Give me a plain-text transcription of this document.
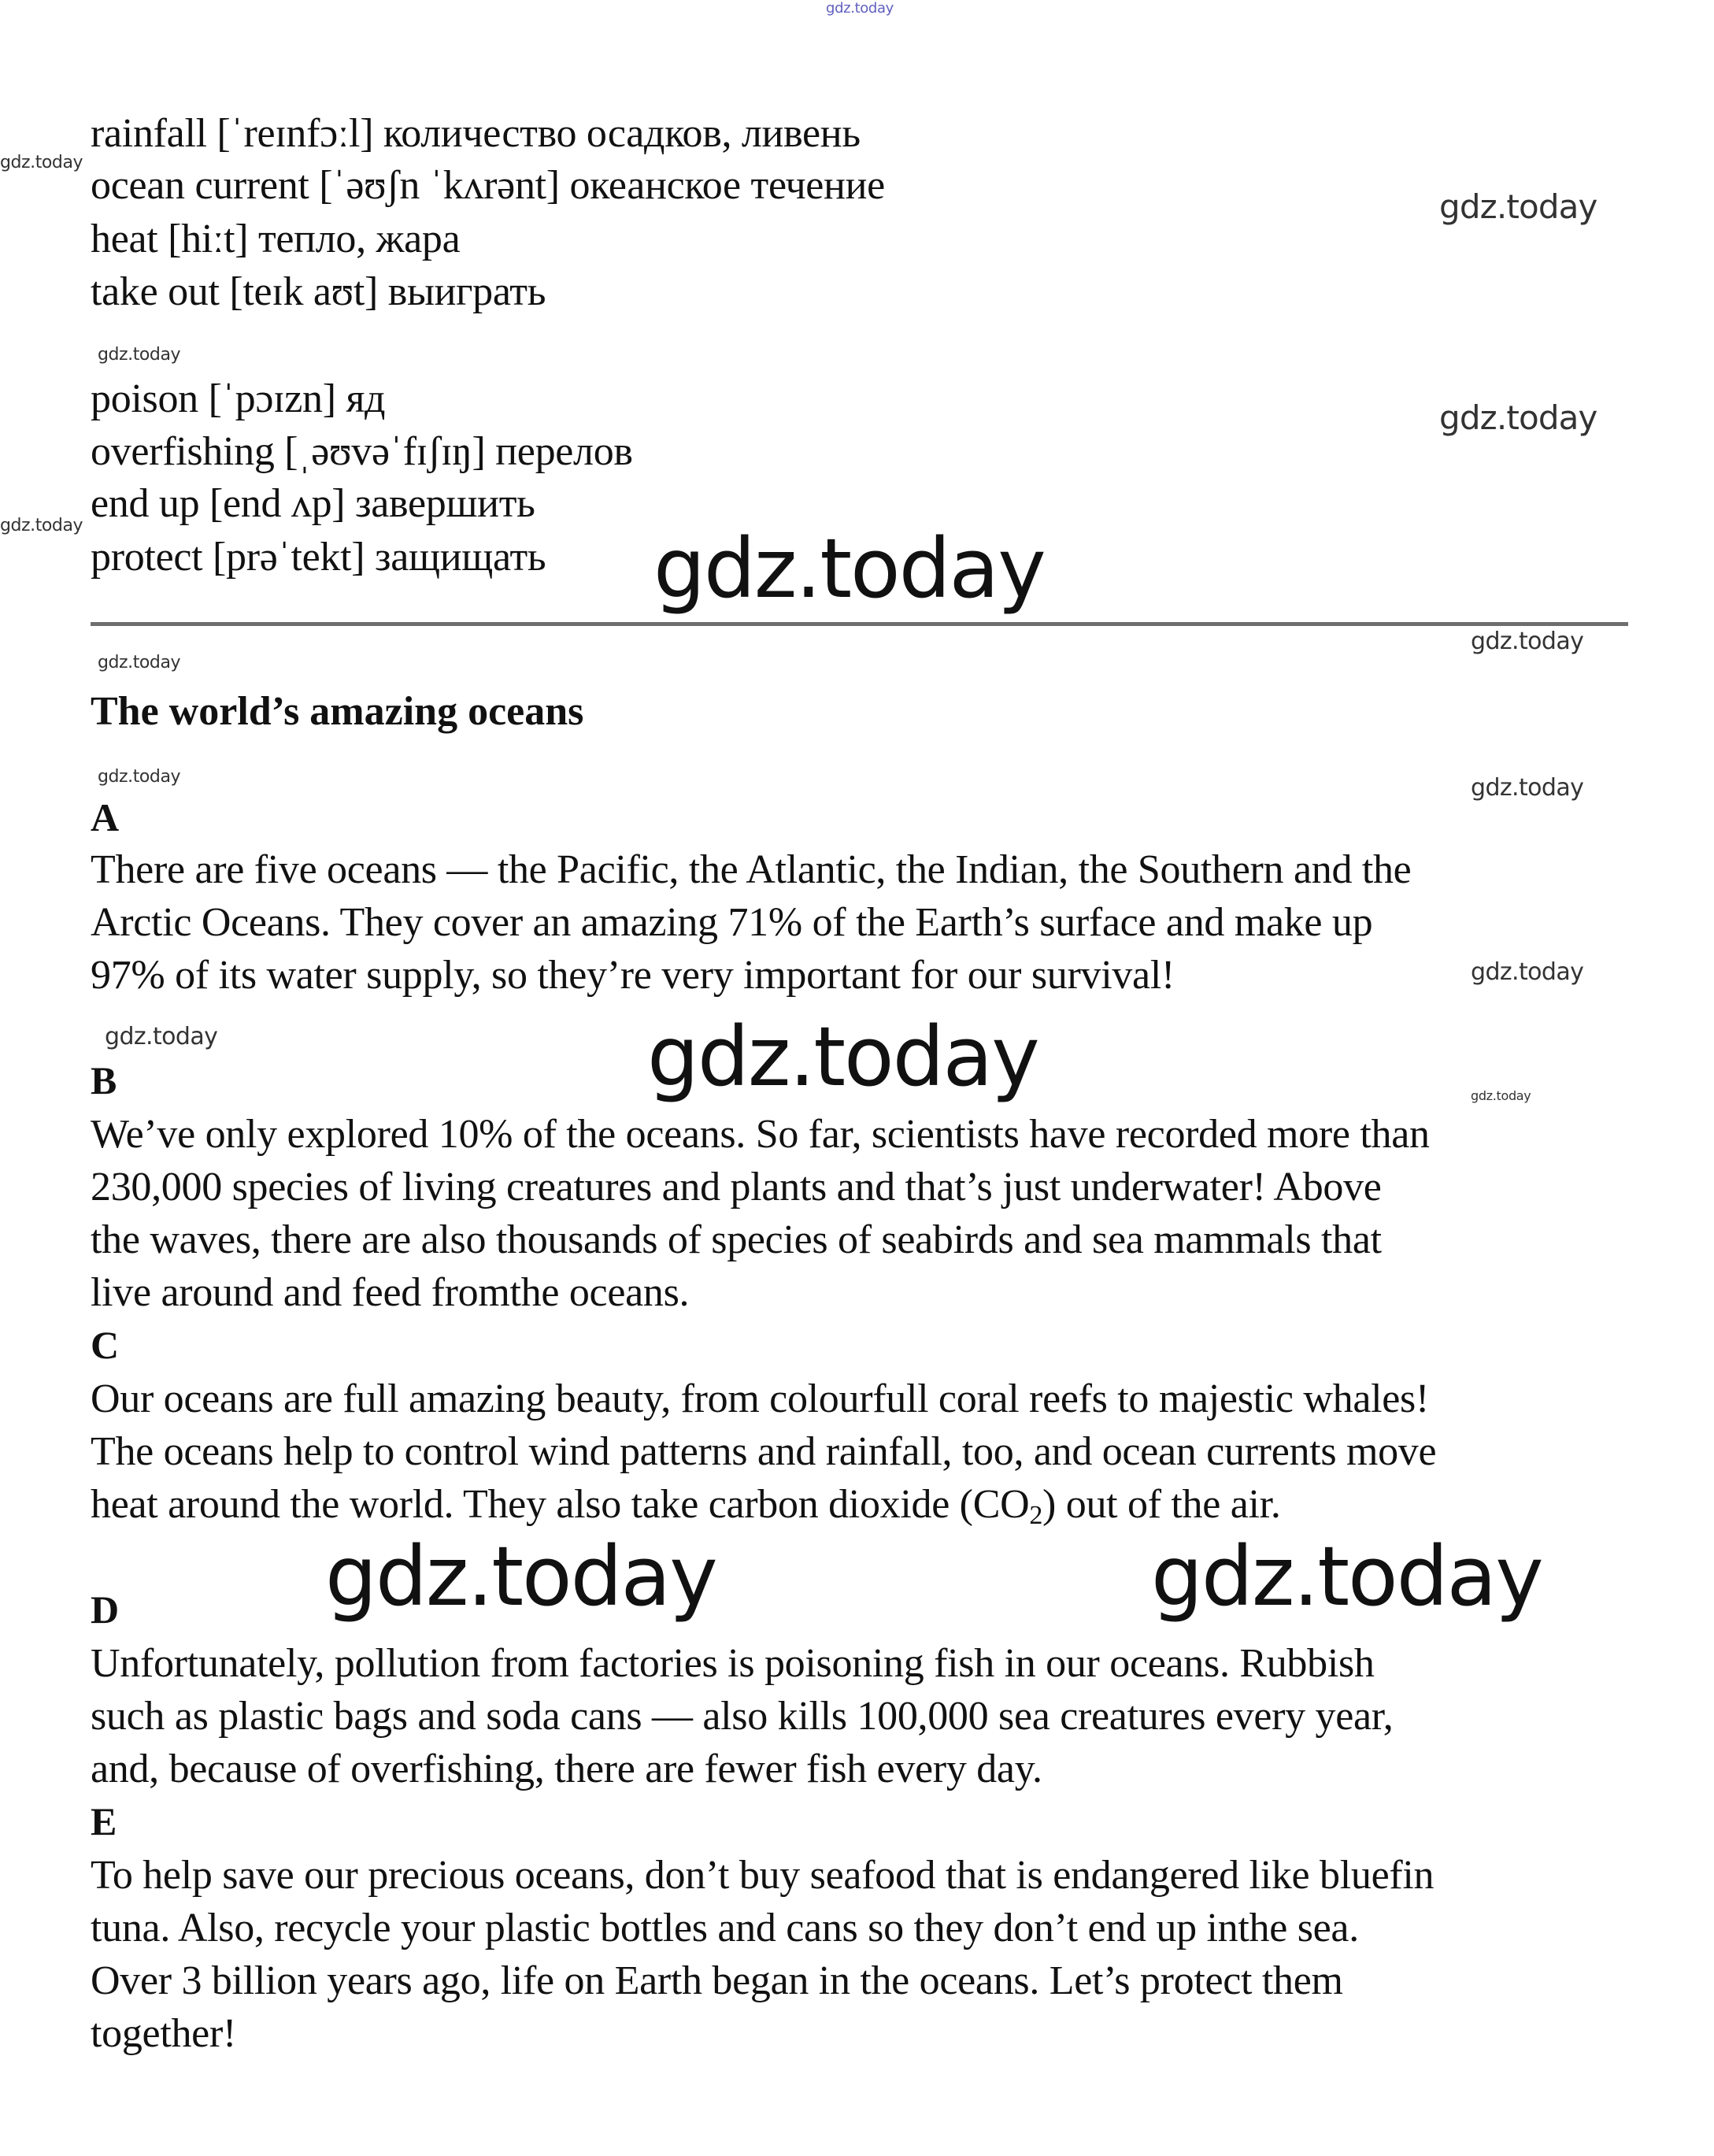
rainfall [ˈreɪnfɔːl] количество осадков, ливень
ocean current [ˈəʊʃn ˈkʌrənt] океанское течение
heat [hiːt] тепло, жара
take out [teɪk aʊt] выиграть
poison [ˈpɔɪzn] яд
overfishing [ˌəʊvəˈfɪʃɪŋ] перелов
end up [end ʌp] завершить
protect [prəˈtekt] защищать
The world’s amazing oceans
A
There are five oceans — the Pacific, the Atlantic, the Indian, the Southern and the
Arctic Oceans. They cover an amazing 71% of the Earth’s surface and make up
97% of its water supply, so they’re very important for our survival!
B
We’ve only explored 10% of the oceans. So far, scientists have recorded more than
230,000 species of living creatures and plants and that’s just underwater! Above
the waves, there are also thousands of species of seabirds and sea mammals that
live around and feed fromthe oceans.
C
Our oceans are full amazing beauty, from colourfull coral reefs to majestic whales!
The oceans help to control wind patterns and rainfall, too, and ocean currents move
heat around the world. They also take carbon dioxide $(CO_2)$ out of the air.
D
Unfortunately, pollution from factories is poisoning fish in our oceans. Rubbish
such as plastic bags and soda cans — also kills 100,000 sea creatures every year,
and, because of overfishing, there are fewer fish every day.
E
To help save our precious oceans, don’t buy seafood that is endangered like bluefin
tuna. Also, recycle your plastic bottles and cans so they don’t end up inthe sea.
Over 3 billion years ago, life on Earth began in the oceans. Let’s protect them
together!
gdz.today
gdz.today
gdz.today
gdz.today
gdz.today
gdz.today	gdz.today
gdz.today
gdz.today
gdz.today	gdz.today
gdz.today
gdz.today	gdz.today	gdz.today
gdz.today	gdz.today
